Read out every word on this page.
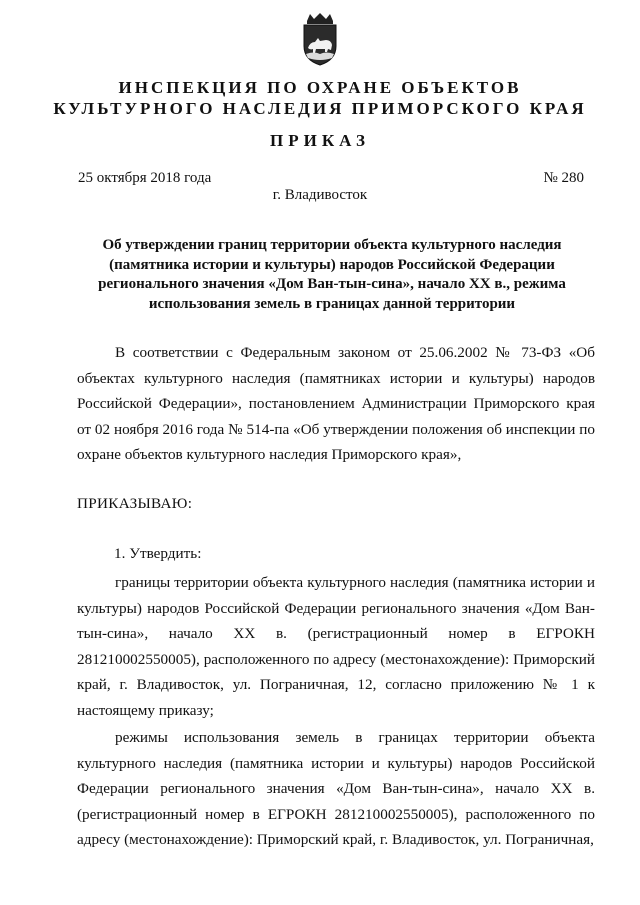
ИНСПЕКЦИЯ ПО ОХРАНЕ ОБЪЕКТОВ
КУЛЬТУРНОГО НАСЛЕДИЯ ПРИМОРСКОГО КРАЯ
ПРИКАЗ
25 октября 2018 года	№ 280
г. Владивосток
Об утверждении границ территории объекта культурного наследия (памятника истории и культуры) народов Российской Федерации регионального значения «Дом Ван-тын-сина», начало XX в., режима использования земель в границах данной территории

В соответствии с Федеральным законом от 25.06.2002 № 73-ФЗ «Об объектах культурного наследия (памятниках истории и культуры) народов Российской Федерации», постановлением Администрации Приморского края от 02 ноября 2016 года № 514-па «Об утверждении положения об инспекции по охране объектов культурного наследия Приморского края»,

ПРИКАЗЫВАЮ:
1. Утвердить:

границы территории объекта культурного наследия (памятника истории и культуры) народов Российской Федерации регионального значения «Дом Ван-тын-сина», начало XX в. (регистрационный номер в ЕГРОКН 281210002550005), расположенного по адресу (местонахождение): Приморский край, г. Владивосток, ул. Пограничная, 12, согласно приложению № 1 к настоящему приказу;

режимы использования земель в границах территории объекта культурного наследия (памятника истории и культуры) народов Российской Федерации регионального значения «Дом Ван-тын-сина», начало XX в. (регистрационный номер в ЕГРОКН 281210002550005), расположенного по адресу (местонахождение): Приморский край, г. Владивосток, ул. Пограничная,
